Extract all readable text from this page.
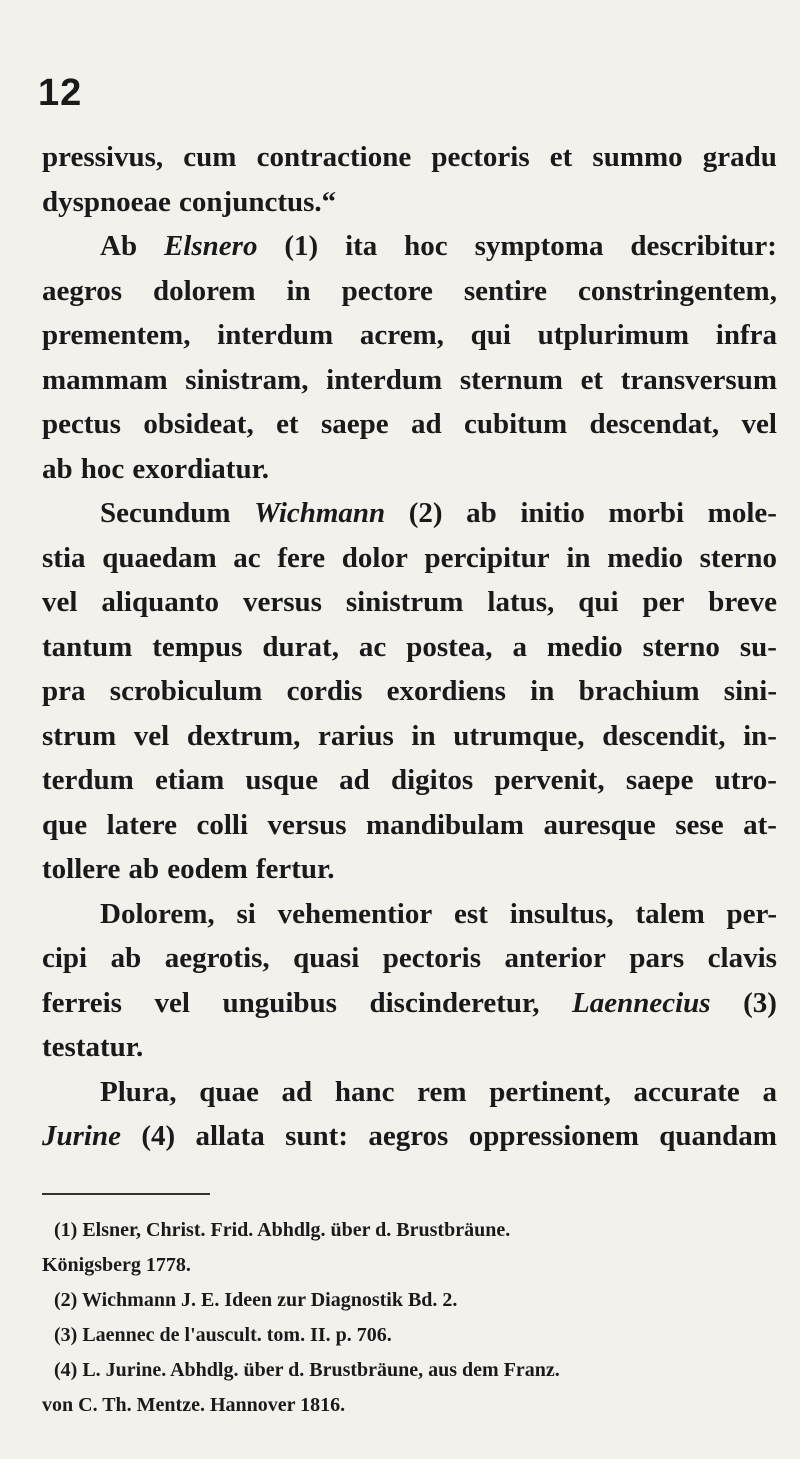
12
pressivus, cum contractione pectoris et summo gradu
dyspnoeae conjunctus.“
Ab Elsnero (1) ita hoc symptoma describitur:
aegros dolorem in pectore sentire constringentem,
prementem, interdum acrem, qui utplurimum infra
mammam sinistram, interdum sternum et transversum
pectus obsideat, et saepe ad cubitum descendat, vel
ab hoc exordiatur.
Secundum Wichmann (2) ab initio morbi mole-
stia quaedam ac fere dolor percipitur in medio sterno
vel aliquanto versus sinistrum latus, qui per breve
tantum tempus durat, ac postea, a medio sterno su-
pra scrobiculum cordis exordiens in brachium sini-
strum vel dextrum, rarius in utrumque, descendit, in-
terdum etiam usque ad digitos pervenit, saepe utro-
que latere colli versus mandibulam auresque sese at-
tollere ab eodem fertur.
Dolorem, si vehementior est insultus, talem per-
cipi ab aegrotis, quasi pectoris anterior pars clavis
ferreis vel unguibus discinderetur, Laennecius (3)
testatur.
Plura, quae ad hanc rem pertinent, accurate a
Jurine (4) allata sunt: aegros oppressionem quandam
(1) Elsner, Christ. Frid. Abhdlg. über d. Brustbräune.
Königsberg 1778.
(2) Wichmann J. E. Ideen zur Diagnostik Bd. 2.
(3) Laennec de l'auscult. tom. II. p. 706.
(4) L. Jurine. Abhdlg. über d. Brustbräune, aus dem Franz.
von C. Th. Mentze. Hannover 1816.
